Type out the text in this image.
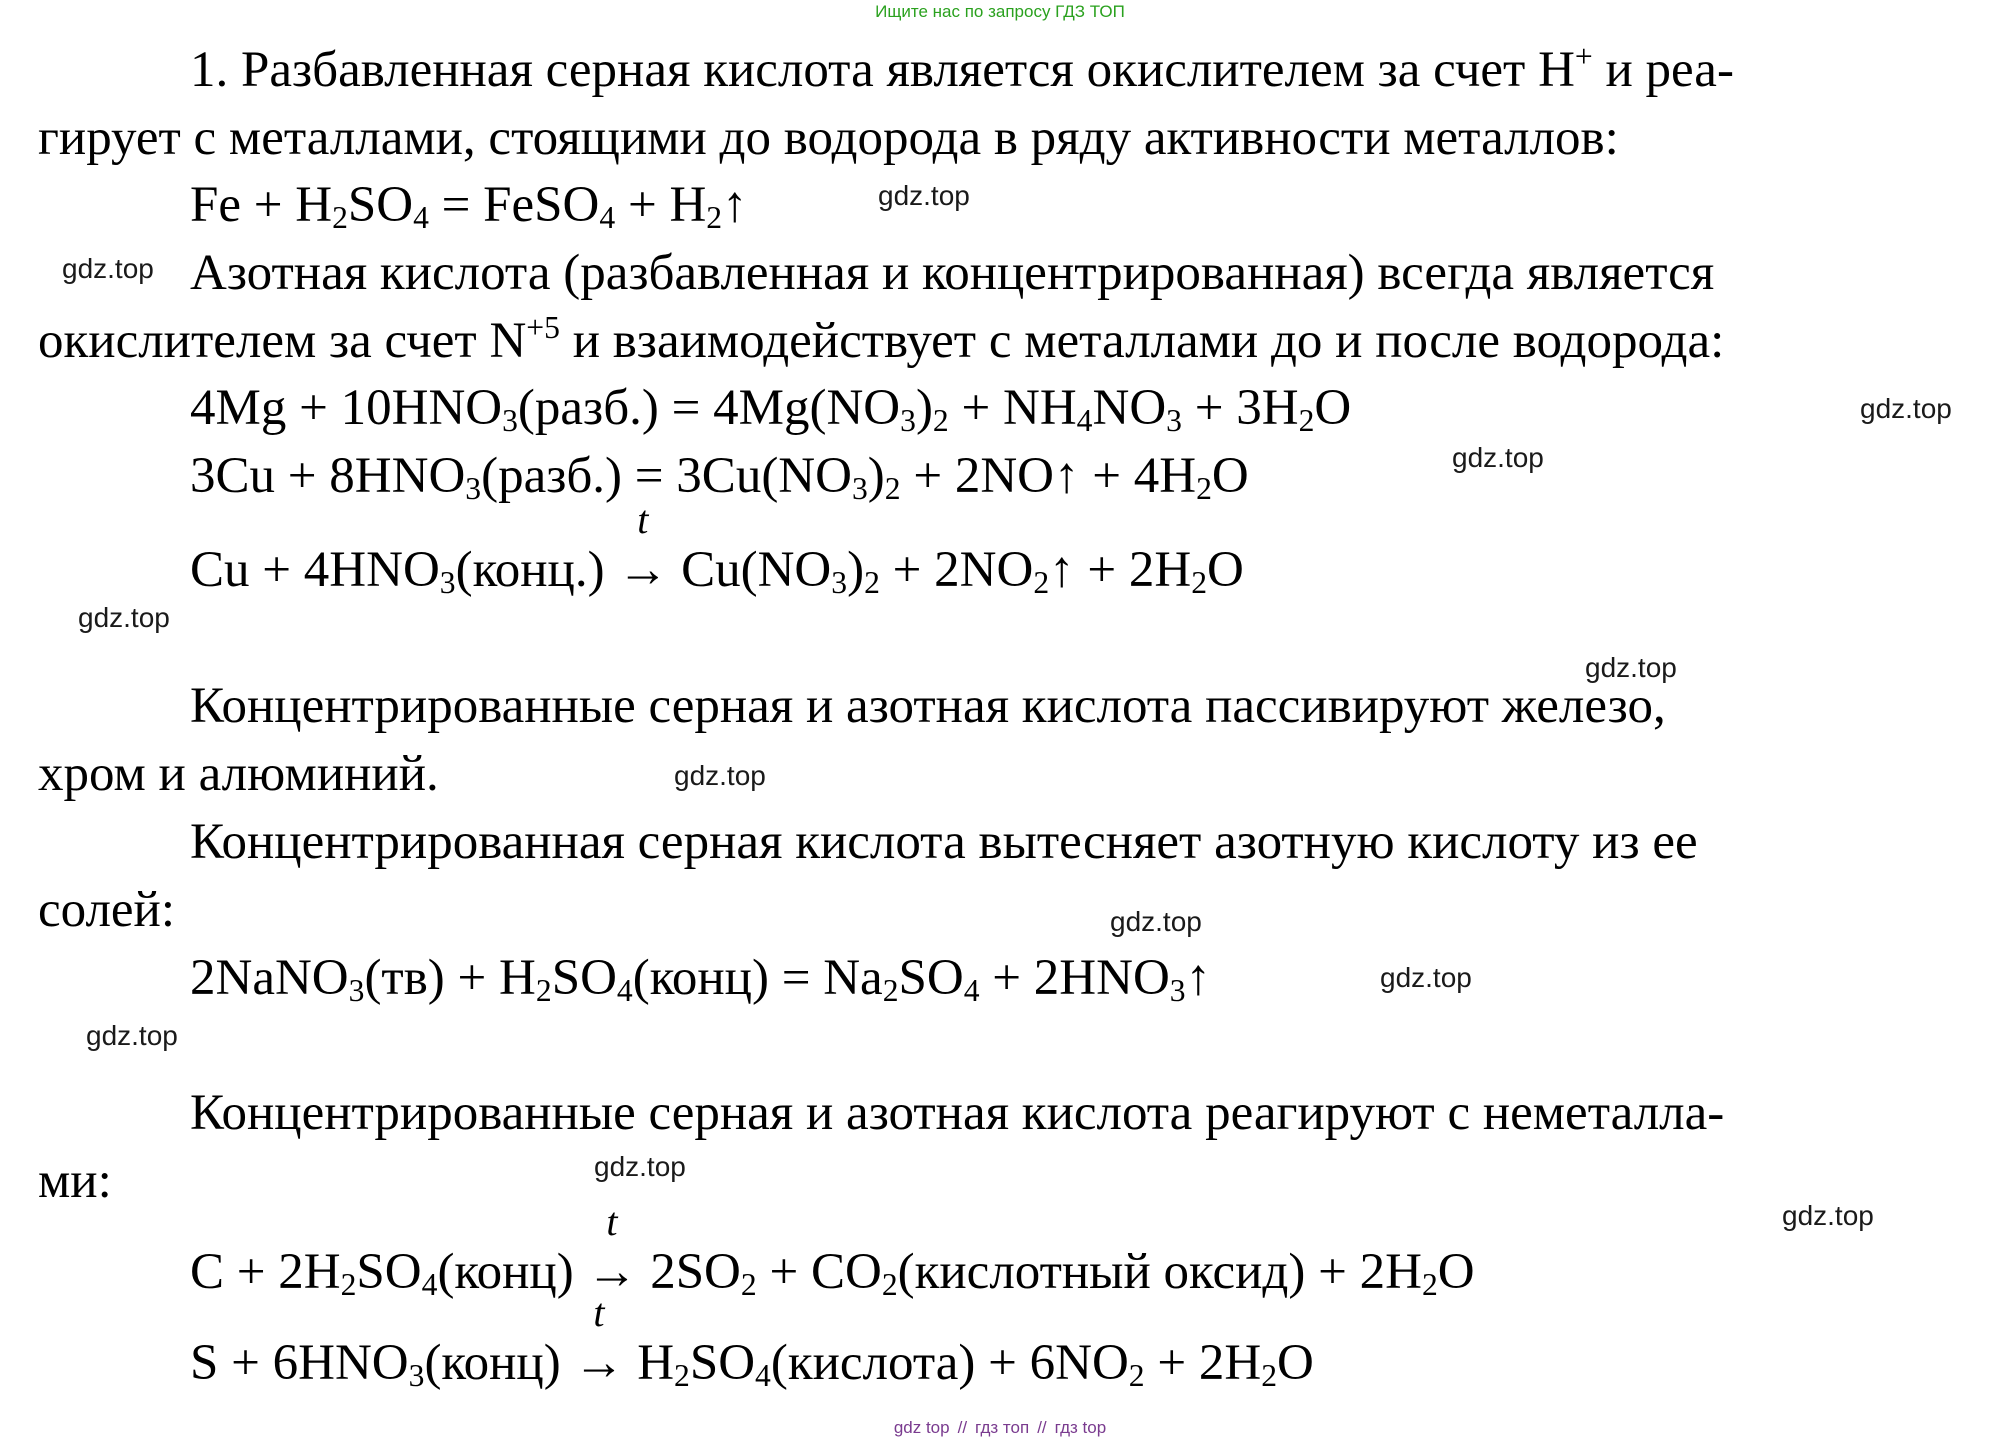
Ищите нас по запросу ГДЗ ТОП
1. Разбавленная серная кислота является окислителем за счет H+ и реа-
гирует с металлами, стоящими до водорода в ряду активности металлов:
$Fe + H_2SO_4$ = FeSO$_4$ + $H_2↑$
Азотная кислота (разбавленная и концентрированная) всегда является
окислителем за счет $N^{+5}$ и взаимодействует с металлами до и после водорода:
$4Mg + 10HNO_3(разб.) = 4Mg(NO_3)_2 + NH_4NO_3 + 3H_2O$
$3Cu + 8HNO_3(разб.) = 3Cu(NO_3)_2$ + 2NO↑ + $4H_2O$
$Cu + 4HNO_3(конц.)$
t
→ $Cu(NO_3)_2$ + $2NO_2↑ + 2H_2O$
Концентрированные серная и азотная кислота пассивируют железо,
хром и алюминий.
Концентрированная серная кислота вытесняет азотную кислоту из ее
солей:
2NaNO$_3$(тв) + $H_2SO_4(конц) = Na_2SO_4$ + $2HNO_3↑$
Концентрированные серная и азотная кислота реагируют с неметалла-
ми:
$C + 2H_2SO_4(конц)$
t
→ $2SO_2$ + $CO_2(кислотный$ оксид) + $2H_2O$
$S + 6HNO_3(конц)$
t
→ $H_2SO_4(кислота) + 6NO_2 + 2H_2O$
gdz.top
gdz.top
gdz.top
gdz.top
gdz.top
gdz.top
gdz.top
gdz.top
gdz.top
gdz.top
gdz.top
gdz.top
gdz top // гдз топ // гдз top
